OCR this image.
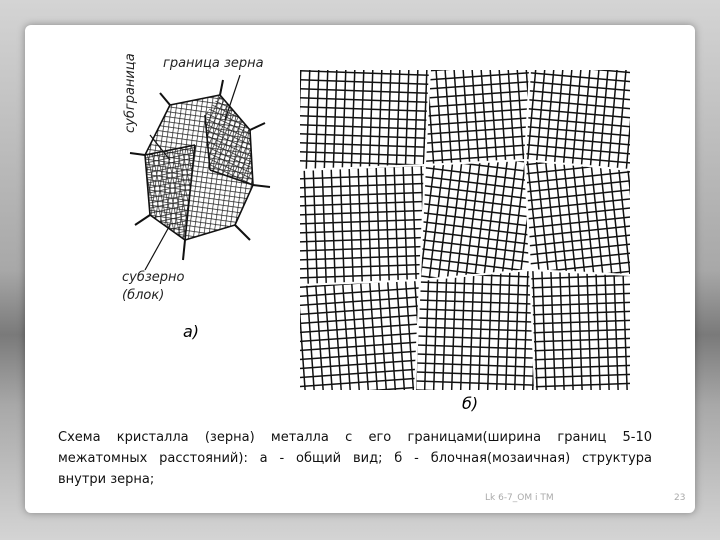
граница зерна
субграница
субзерно
(блок)
а)
б)
Схема кристалла (зерна) металла с его границами(ширина границ 5-10
межатомных расстояний): а - общий вид; б - блочная(мозаичная) структура
внутри зерна;
Lk 6-7_OM i TM	23
